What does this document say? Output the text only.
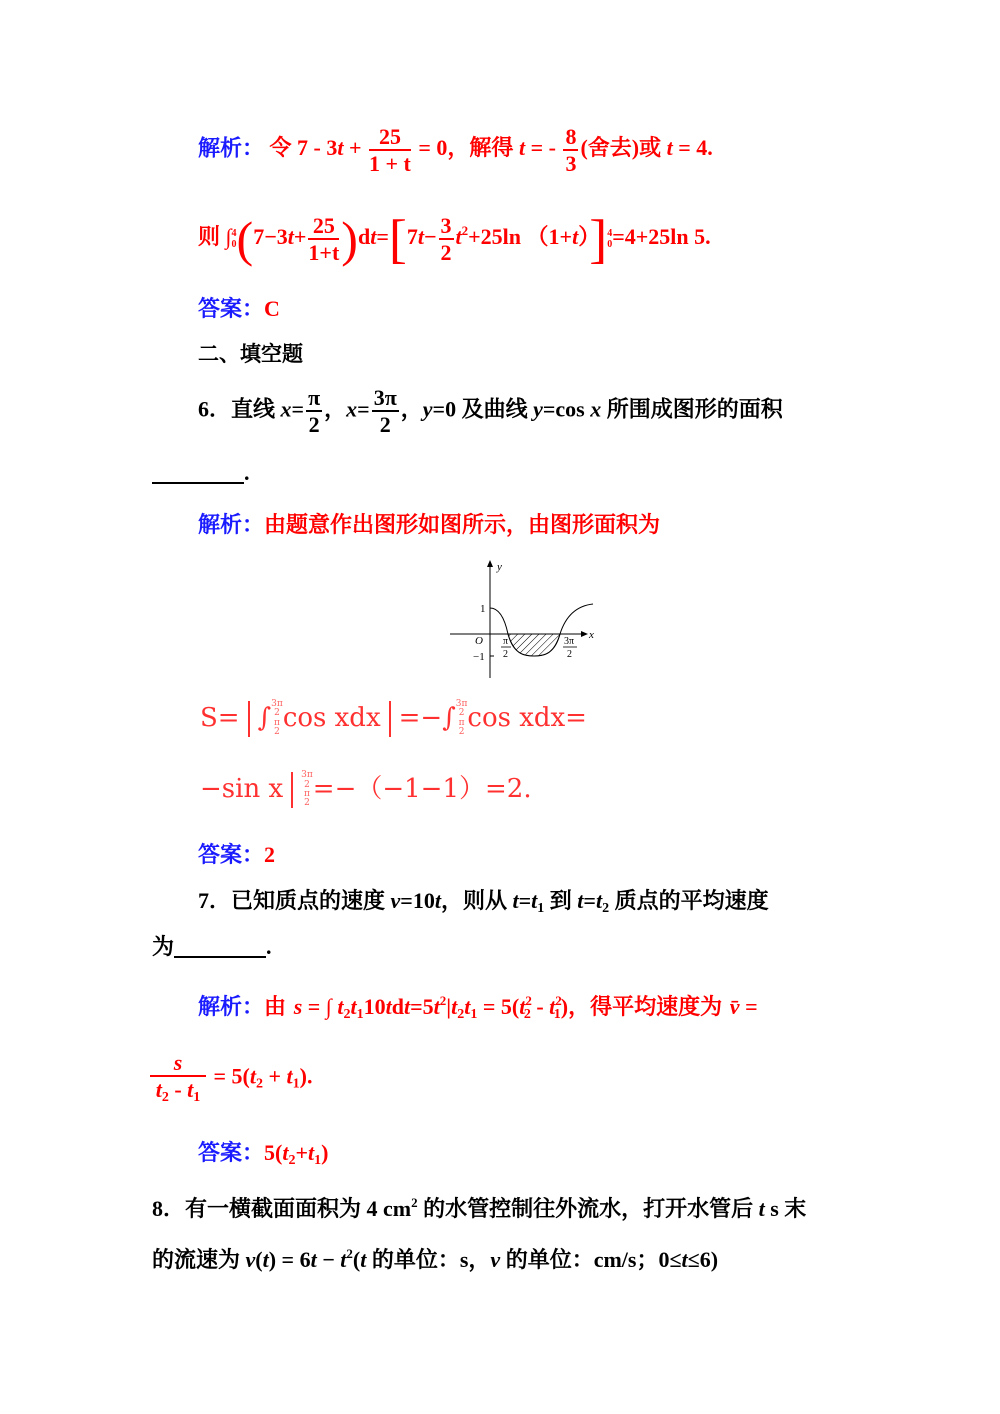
解析： 令 $7 - 3t + \frac{25}{1 + t} = 0$，解得 t = - $\frac{8}{3}$ (舍去)或 t = 4.
则 ∫ 4
0 $(7-3t+ \frac{25}{1+t} )dt=[7t- \frac{3}{2} t^2+25\ln$ （1+t）] 4
0 =4+25ln 5.
答案：C
二、填空题
6．直线 $x= \frac{\pi}{2}$ ，$x= \frac{3\pi}{2}$ ，y=0 及曲线 y=cos x 所围成图形的面积
.
解析：由题意作出图形如图所示，由图形面积为
y
x
1
O
−1
π
2
3π
2
S= ∫ 3π
2
π
2 cos xdx =−∫ 3π
2
π
2 cos xdx=
−sin x 3π
2
π
2 =−（−1−1）=2.
答案：2
7．已知质点的速度 v=10t，则从 $t=t_1$ 到 $t=t_2$ 质点的平均速度
为	.
解析：由 s = ∫ $t_2t_110tdt=5t^2|t_2t_1 = 5(t^2_2 - t^2_1)$，得平均速度为 v̄ =
$\frac{s}{t_2 - t_1} = 5(t_2 + t_1)$.
答案：$5(t_2+t_1)$
8．有一横截面面积为 4 $cm^2$ 的水管控制往外流水，打开水管后 t s 末
的流速为 $v(t) = 6t - t^2(t$ 的单位：s，v 的单位：cm/s；0≤t≤6)
